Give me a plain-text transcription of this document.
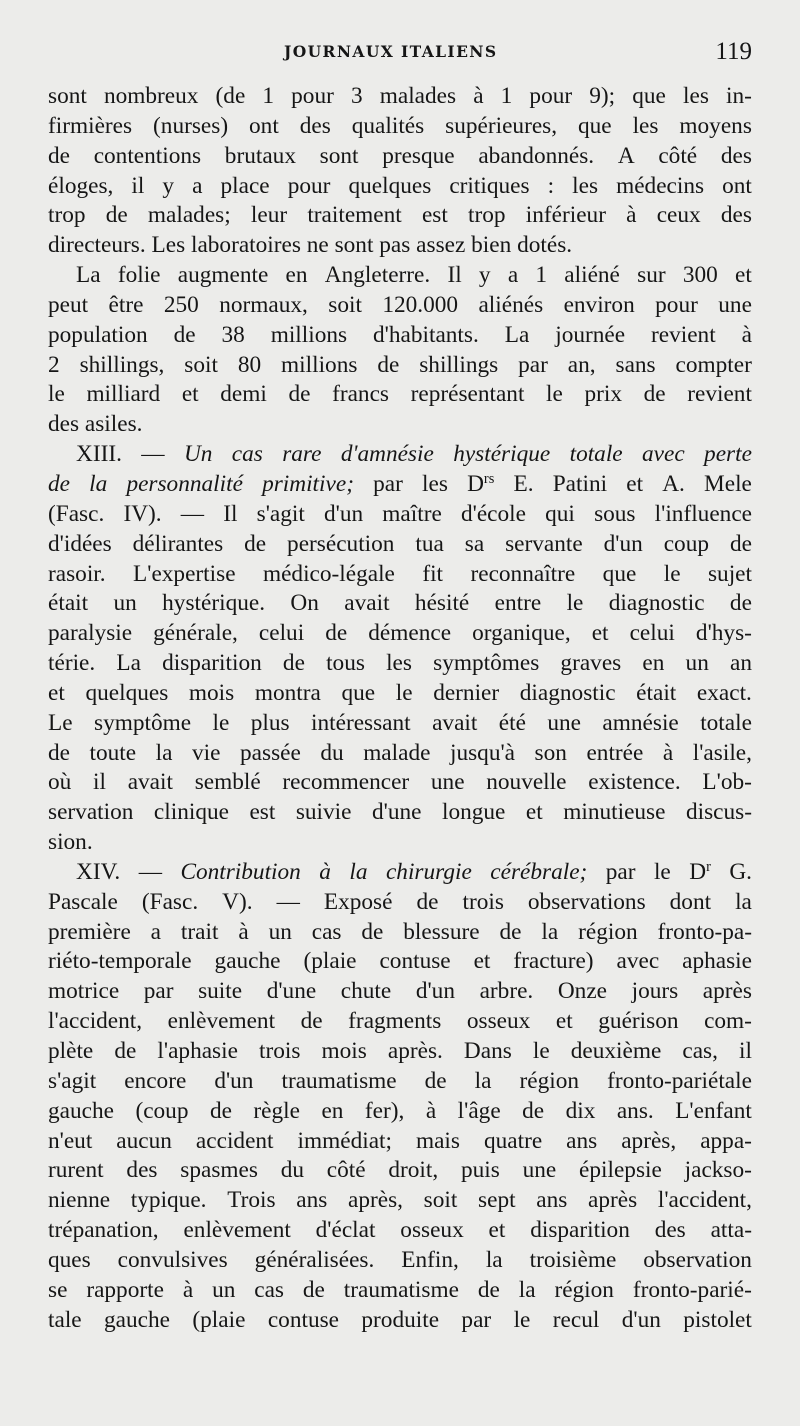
JOURNAUX ITALIENS	119
sont nombreux (de 1 pour 3 malades à 1 pour 9); que les in-
firmières (nurses) ont des qualités supérieures, que les moyens
de contentions brutaux sont presque abandonnés. A côté des
éloges, il y a place pour quelques critiques : les médecins ont
trop de malades; leur traitement est trop inférieur à ceux des
directeurs.
Les
laboratoires
ne
sont
pas
assez
bien
dotés.
La folie augmente en Angleterre. Il y a 1 aliéné sur 300 et
peut être 250 normaux, soit 120.000 aliénés environ pour une
population de 38 millions d'habitants. La journée revient à
2 shillings, soit 80 millions de shillings par an, sans compter
le milliard et demi de francs représentant le prix de revient
des
asiles.
XIII. — Un cas rare d'amnésie hystérique totale avec perte
de la personnalité primitive; par les $D^{rs}$ E. Patini et A. Mele
(Fasc. IV). — Il s'agit d'un maître d'école qui sous l'influence
d'idées délirantes de persécution tua sa servante d'un coup de
rasoir. L'expertise médico-légale fit reconnaître que le sujet
était un hystérique. On avait hésité entre le diagnostic de
paralysie générale, celui de démence organique, et celui d'hys-
térie. La disparition de tous les symptômes graves en un an
et quelques mois montra que le dernier diagnostic était exact.
Le symptôme le plus intéressant avait été une amnésie totale
de toute la vie passée du malade jusqu'à son entrée à l'asile,
où il avait semblé recommencer une nouvelle existence. L'ob-
servation clinique est suivie d'une longue et minutieuse discus-
sion.
XIV. — Contribution à la chirurgie cérébrale; par le $D^r$ G.
Pascale (Fasc. V). — Exposé de trois observations dont la
première a trait à un cas de blessure de la région fronto-pa-
riéto-temporale gauche (plaie contuse et fracture) avec aphasie
motrice par suite d'une chute d'un arbre. Onze jours après
l'accident, enlèvement de fragments osseux et guérison com-
plète de l'aphasie trois mois après. Dans le deuxième cas, il
s'agit encore d'un traumatisme de la région fronto-pariétale
gauche (coup de règle en fer), à l'âge de dix ans. L'enfant
n'eut aucun accident immédiat; mais quatre ans après, appa-
rurent des spasmes du côté droit, puis une épilepsie jackso-
nienne typique. Trois ans après, soit sept ans après l'accident,
trépanation, enlèvement d'éclat osseux et disparition des atta-
ques convulsives généralisées. Enfin, la troisième observation
se rapporte à un cas de traumatisme de la région fronto-parié-
tale gauche (plaie contuse produite par le recul d'un pistolet
